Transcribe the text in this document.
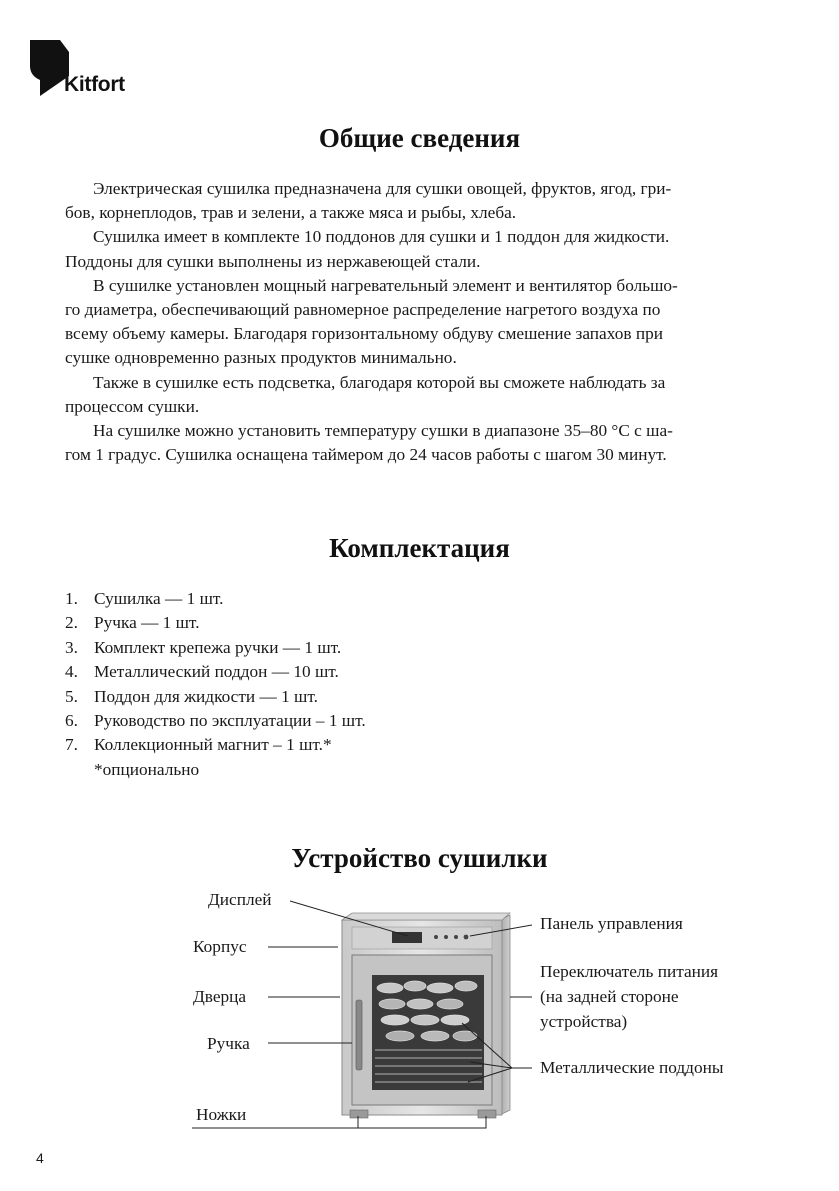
Kitfort
Общие сведения
Электрическая сушилка предназначена для сушки овощей, фруктов, ягод, гри-
бов, корнеплодов, трав и зелени, а также мяса и рыбы, хлеба.
Сушилка имеет в комплекте 10 поддонов для сушки и 1 поддон для жидкости.
Поддоны для сушки выполнены из нержавеющей стали.
В сушилке установлен мощный нагревательный элемент и вентилятор большо-
го диаметра, обеспечивающий равномерное распределение нагретого воздуха по
всему объему камеры. Благодаря горизонтальному обдуву смешение запахов при
сушке одновременно разных продуктов минимально.
Также в сушилке есть подсветка, благодаря которой вы сможете наблюдать за
процессом сушки.
На сушилке можно установить температуру сушки в диапазоне 35–80 °C с ша-
гом 1 градус. Сушилка оснащена таймером до 24 часов работы с шагом 30 минут.
Комплектация
1. Сушилка — 1 шт.
2. Ручка — 1 шт.
3. Комплект крепежа ручки — 1 шт.
4. Металлический поддон — 10 шт.
5. Поддон для жидкости — 1 шт.
6. Руководство по эксплуатации – 1 шт.
7. Коллекционный магнит – 1 шт.*
*опционально
Устройство сушилки
Дисплей
Корпус
Дверца
Ручка
Ножки
Панель управления
Переключатель питания
(на задней стороне
устройства)
Металлические поддоны
4
